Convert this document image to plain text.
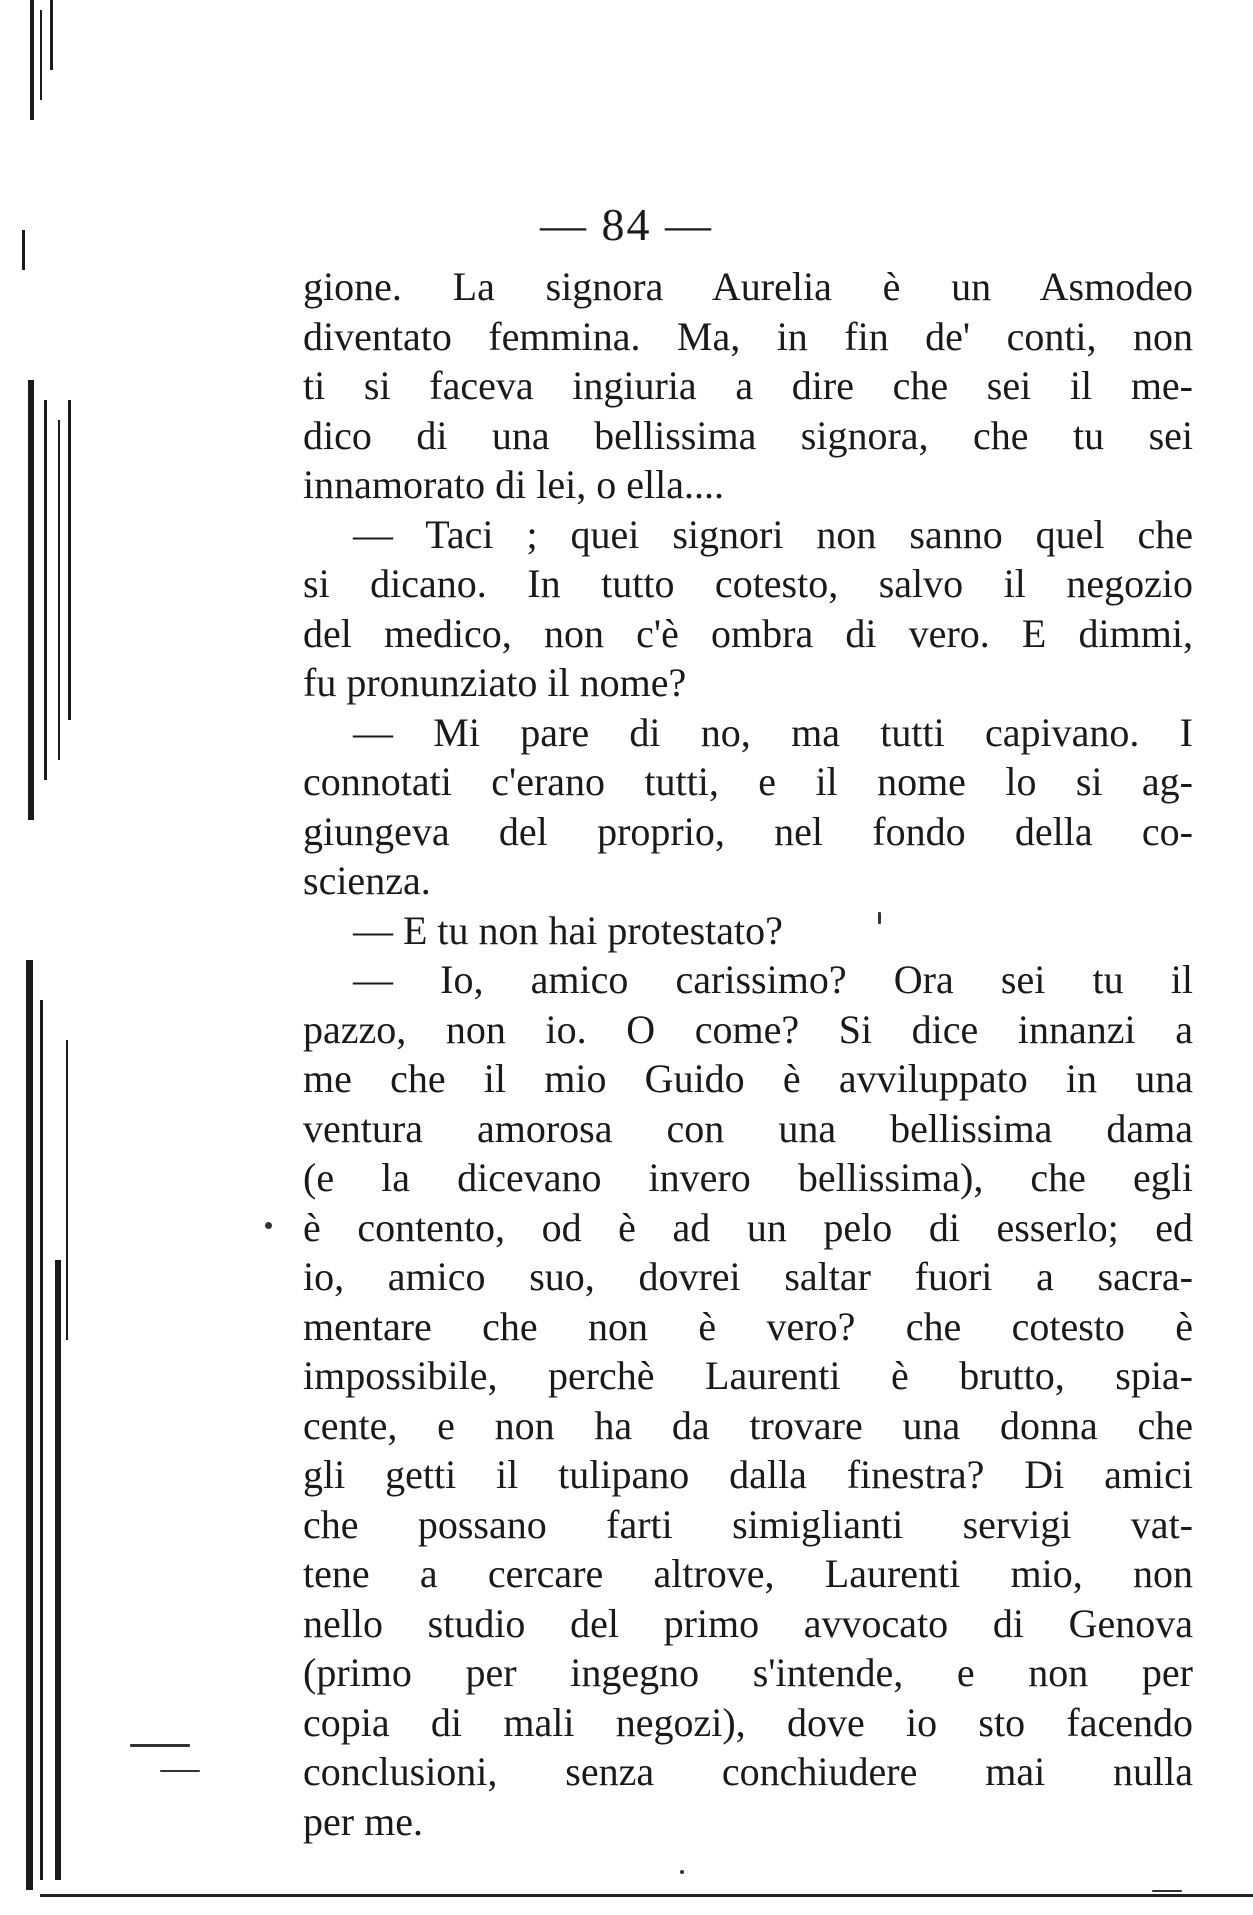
— 84 —
gione. La signora Aurelia è un Asmodeo
diventato femmina. Ma, in fin de' conti, non
ti si faceva ingiuria a dire che sei il me-
dico di una bellissima signora, che tu sei
innamorato di lei, o ella....
— Taci ; quei signori non sanno quel che
si dicano. In tutto cotesto, salvo il negozio
del medico, non c'è ombra di vero. E dimmi,
fu pronunziato il nome?
— Mi pare di no, ma tutti capivano. I
connotati c'erano tutti, e il nome lo si ag-
giungeva del proprio, nel fondo della co-
scienza.
— E tu non hai protestato?
— Io, amico carissimo? Ora sei tu il
pazzo, non io. O come? Si dice innanzi a
me che il mio Guido è avviluppato in una
ventura amorosa con una bellissima dama
(e la dicevano invero bellissima), che egli
è contento, od è ad un pelo di esserlo; ed
io, amico suo, dovrei saltar fuori a sacra-
mentare che non è vero? che cotesto è
impossibile, perchè Laurenti è brutto, spia-
cente, e non ha da trovare una donna che
gli getti il tulipano dalla finestra? Di amici
che possano farti simiglianti servigi vat-
tene a cercare altrove, Laurenti mio, non
nello studio del primo avvocato di Genova
(primo per ingegno s'intende, e non per
copia di mali negozi), dove io sto facendo
conclusioni, senza conchiudere mai nulla
per me.
